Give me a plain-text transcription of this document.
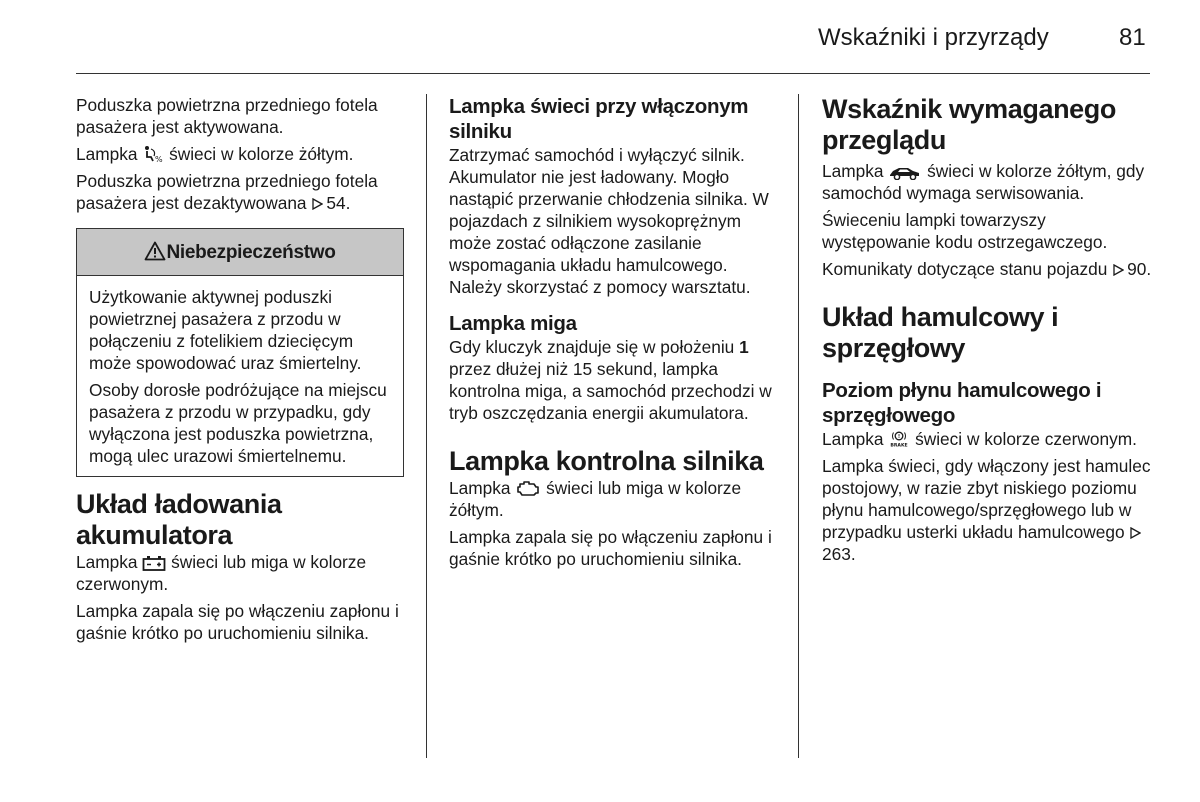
Wskaźniki i przyrządy	81

Poduszka powietrzna przedniego fotela pasażera jest aktywowana.

Lampka % świeci w kolorze żółtym.

Poduszka powietrzna przedniego fotela pasażera jest dezaktywowana 54.

Niebezpieczeństwo

Użytkowanie aktywnej poduszki powietrznej pasażera z przodu w połączeniu z fotelikiem dziecięcym może spowodować uraz śmiertelny.

Osoby dorosłe podróżujące na miejscu pasażera z przodu w przypadku, gdy wyłączona jest poduszka powietrzna, mogą ulec urazowi śmiertelnemu.

Układ ładowania akumulatora

Lampka  świeci lub miga w kolorze czerwonym.

Lampka zapala się po włączeniu zapłonu i gaśnie krótko po uruchomieniu silnika.

Lampka świeci przy włączonym silniku

Zatrzymać samochód i wyłączyć silnik. Akumulator nie jest ładowany. Mogło nastąpić przerwanie chłodzenia silnika. W pojazdach z silnikiem wysokoprężnym może zostać odłączone zasilanie wspomagania układu hamulcowego. Należy skorzystać z pomocy warsztatu.

Lampka miga

Gdy kluczyk znajduje się w położeniu 1 przez dłużej niż 15 sekund, lampka kontrolna miga, a samochód przechodzi w tryb oszczędzania energii akumulatora.

Lampka kontrolna silnika

Lampka  świeci lub miga w kolorze żółtym.

Lampka zapala się po włączeniu zapłonu i gaśnie krótko po uruchomieniu silnika.

Wskaźnik wymaganego przeglądu

Lampka  świeci w kolorze żółtym, gdy samochód wymaga serwisowania.

Świeceniu lampki towarzyszy występowanie kodu ostrzegawczego.

Komunikaty dotyczące stanu pojazdu 90.

Układ hamulcowy i sprzęgłowy
Poziom płynu hamulcowego i sprzęgłowego

Lampka	!
BRAKE świeci w kolorze czerwonym.

Lampka świeci, gdy włączony jest hamulec postojowy, w razie zbyt niskiego poziomu płynu hamulcowego/sprzęgłowego lub w przypadku usterki układu hamulcowego 263.
